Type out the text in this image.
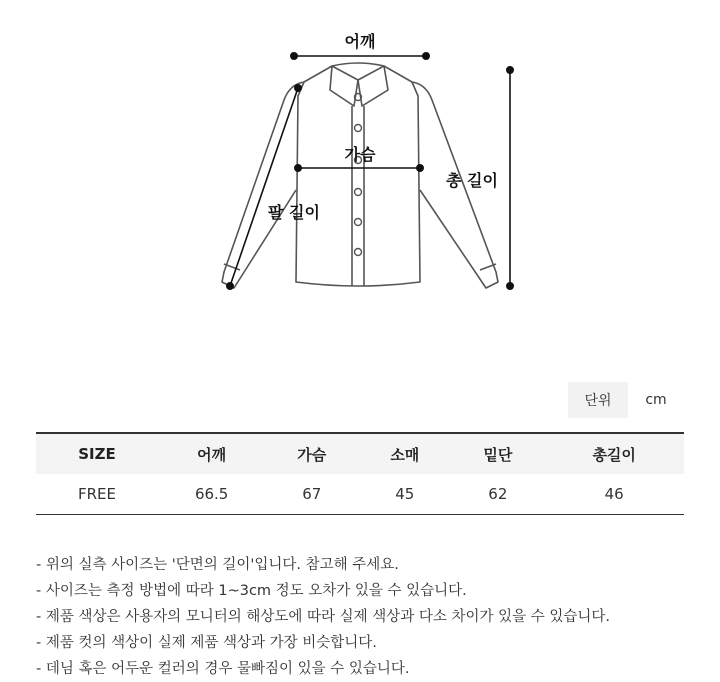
어깨
가슴
팔 길이
총 길이
단위	cm
SIZE	어깨	가슴	소매	밑단	총길이
FREE	66.5	67	45	62	46
- 위의 실측 사이즈는 '단면의 길이'입니다. 참고해 주세요.
- 사이즈는 측정 방법에 따라 1~3cm 정도 오차가 있을 수 있습니다.
- 제품 색상은 사용자의 모니터의 해상도에 따라 실제 색상과 다소 차이가 있을 수 있습니다.
- 제품 컷의 색상이 실제 제품 색상과 가장 비슷합니다.
- 데님 혹은 어두운 컬러의 경우 물빠짐이 있을 수 있습니다.
